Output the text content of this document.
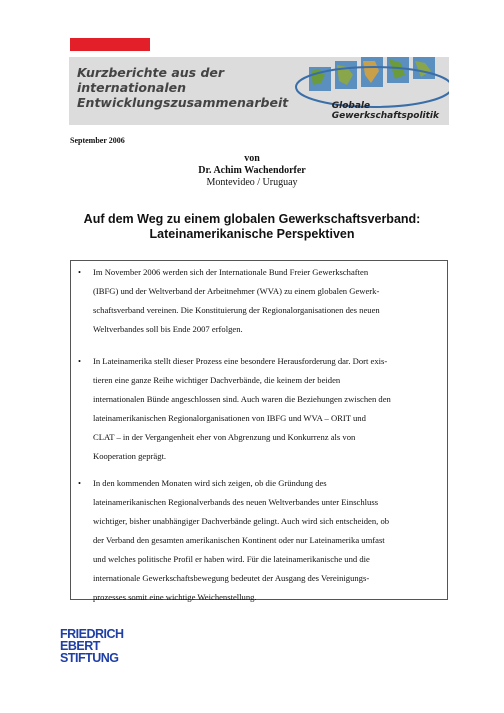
Kurzberichte aus der
internationalen
Entwicklungszusammenarbeit	Globale
Gewerkschaftspolitik
September 2006
von
Dr. Achim Wachendorfer
Montevideo / Uruguay
Auf dem Weg zu einem globalen Gewerkschaftsverband:
Lateinamerikanische Perspektiven
• Im November 2006 werden sich der Internationale Bund Freier Gewerkschaften
(IBFG) und der Weltverband der Arbeitnehmer (WVA) zu einem globalen Gewerk-
schaftsverband vereinen. Die Konstituierung der Regionalorganisationen des neuen
Weltverbandes soll bis Ende 2007 erfolgen.
• In Lateinamerika stellt dieser Prozess eine besondere Herausforderung dar. Dort exis-
tieren eine ganze Reihe wichtiger Dachverbände, die keinem der beiden
internationalen Bünde angeschlossen sind. Auch waren die Beziehungen zwischen den
lateinamerikanischen Regionalorganisationen von IBFG und WVA – ORIT und
CLAT – in der Vergangenheit eher von Abgrenzung und Konkurrenz als von
Kooperation geprägt.
• In den kommenden Monaten wird sich zeigen, ob die Gründung des
lateinamerikanischen Regionalverbands des neuen Weltverbandes unter Einschluss
wichtiger, bisher unabhängiger Dachverbände gelingt. Auch wird sich entscheiden, ob
der Verband den gesamten amerikanischen Kontinent oder nur Lateinamerika umfast
und welches politische Profil er haben wird. Für die lateinamerikanische und die
internationale Gewerkschaftsbewegung bedeutet der Ausgang des Vereinigungs-
prozesses somit eine wichtige Weichenstellung.
FRIEDRICH
EBERT
STIFTUNG
